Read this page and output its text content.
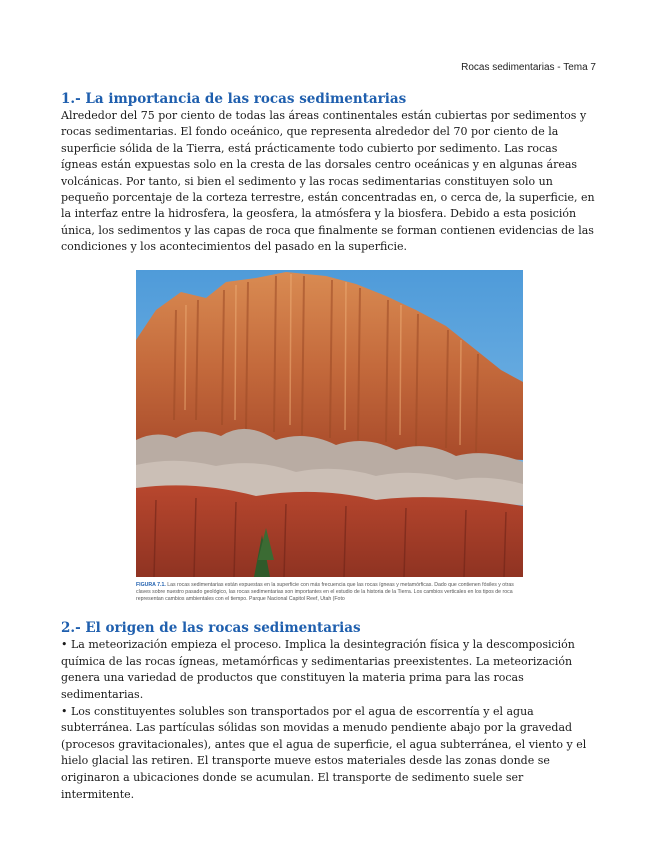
Rocas sedimentarias - Tema 7
1.- La importancia de las rocas sedimentarias

Alrededor del 75 por ciento de todas las áreas continentales están cubiertas por sedimentos y rocas sedimentarias. El fondo oceánico, que representa alrededor del 70 por ciento de la superficie sólida de la Tierra, está prácticamente todo cubierto por sedimento. Las rocas ígneas están expuestas solo en la cresta de las dorsales centro oceánicas y en algunas áreas volcánicas. Por tanto, si bien el sedimento y las rocas sedimentarias constituyen solo un pequeño porcentaje de la corteza terrestre, están concentradas en, o cerca de, la superficie, en la interfaz entre la hidrosfera, la geosfera, la atmósfera y la biosfera. Debido a esta posición única, los sedimentos y las capas de roca que finalmente se forman contienen evidencias de las condiciones y los acontecimientos del pasado en la superficie.

FIGURA 7.1. Las rocas sedimentarias están expuestas en la superficie con más frecuencia que las rocas ígneas y metamórficas. Dado que contienen fósiles y otras claves sobre nuestro pasado geológico, las rocas sedimentarias son importantes en el estudio de la historia de la Tierra. Los cambios verticales en los tipos de roca representan cambios ambientales con el tiempo. Parque Nacional Capitol Reef, Utah (Foto
2.- El origen de las rocas sedimentarias

• La meteorización empieza el proceso. Implica la desintegración física y la descomposición química de las rocas ígneas, metamórficas y sedimentarias preexistentes. La meteorización genera una variedad de productos que constituyen la materia prima para las rocas sedimentarias.

• Los constituyentes solubles son transportados por el agua de escorrentía y el agua subterránea. Las partículas sólidas son movidas a menudo pendiente abajo por la gravedad (procesos gravitacionales), antes que el agua de superficie, el agua subterránea, el viento y el hielo glacial las retiren. El transporte mueve estos materiales desde las zonas donde se originaron a ubicaciones donde se acumulan. El transporte de sedimento suele ser intermitente.
